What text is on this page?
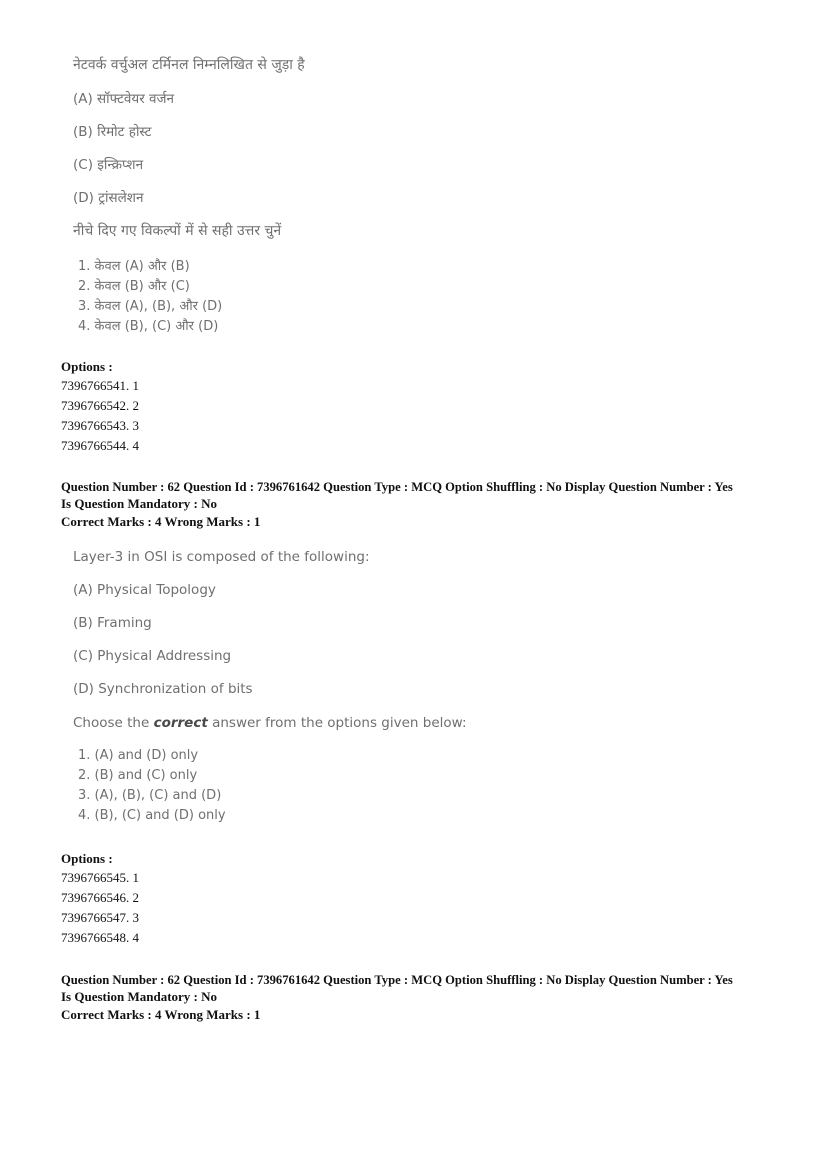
नेटवर्क वर्चुअल टर्मिनल निम्नलिखित से जुड़ा है

(A) सॉफ्टवेयर वर्जन

(B) रिमोट होस्ट

(C) इन्क्रिप्शन

(D) ट्रांसलेशन

नीचे दिए गए विकल्पों में से सही उत्तर चुनें

1. केवल (A) और (B)

2. केवल (B) और (C)

3. केवल (A), (B), और (D)

4. केवल (B), (C) और (D)

Options :
7396766541. 1
7396766542. 2
7396766543. 3
7396766544. 4
Question Number : 62 Question Id : 7396761642 Question Type : MCQ Option Shuffling : No Display Question Number : Yes
Is Question Mandatory : No
Correct Marks : 4 Wrong Marks : 1

Layer-3 in OSI is composed of the following:

(A) Physical Topology

(B) Framing

(C) Physical Addressing

(D) Synchronization of bits

Choose the correct answer from the options given below:

1. (A) and (D) only

2. (B) and (C) only

3. (A), (B), (C) and (D)

4. (B), (C) and (D) only

Options :
7396766545. 1
7396766546. 2
7396766547. 3
7396766548. 4
Question Number : 62 Question Id : 7396761642 Question Type : MCQ Option Shuffling : No Display Question Number : Yes
Is Question Mandatory : No
Correct Marks : 4 Wrong Marks : 1
